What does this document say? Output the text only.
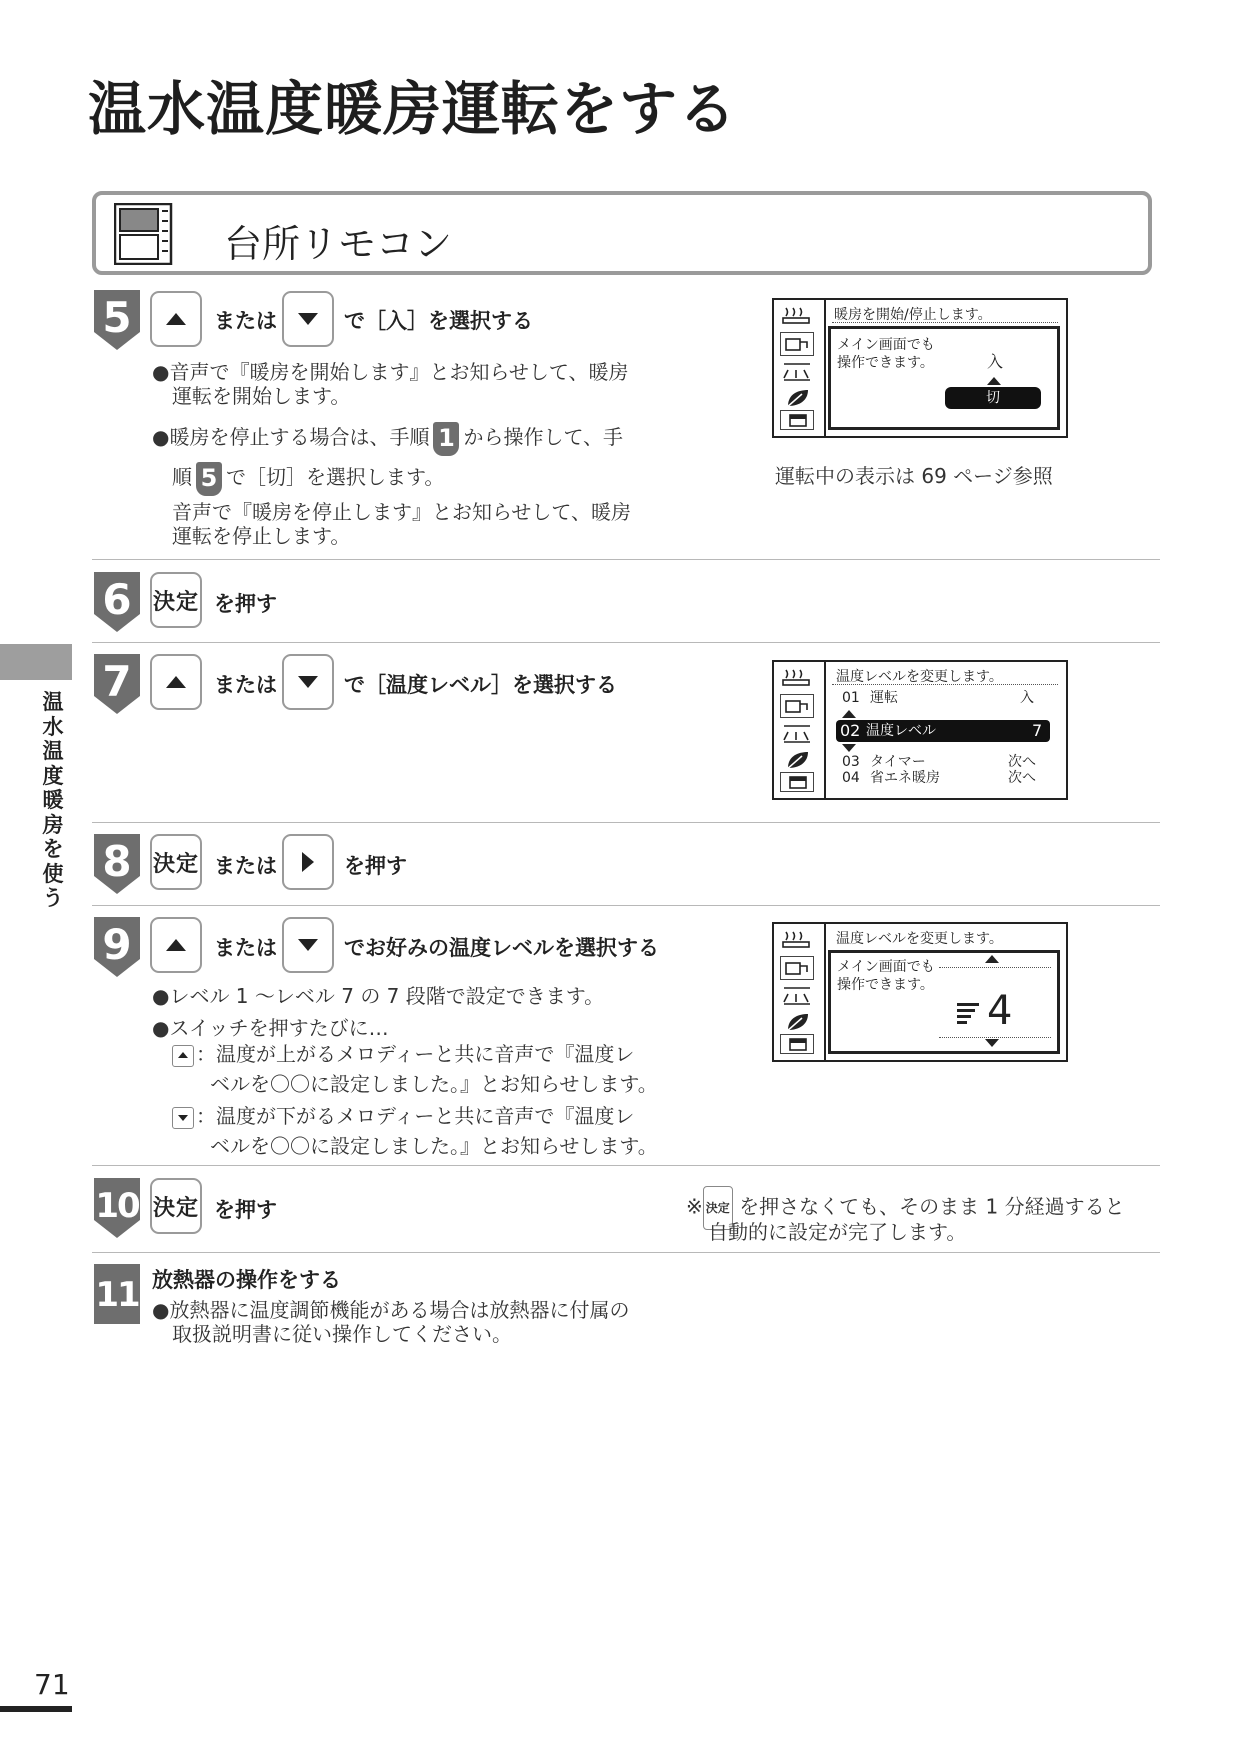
温水温度暖房運転をする
台所リモコン
温
水
温
度
暖
房
を
使
う
5	または	で［入］を選択する
●音声で『暖房を開始します』とお知らせして、暖房
運転を開始します。
●暖房を停止する場合は、手順 1 から操作して、手
順 5 で［切］を選択します。
音声で『暖房を停止します』とお知らせして、暖房
運転を停止します。
暖房を開始/停止します。
メイン画面でも
操作できます。	入
切
運転中の表示は 69 ページ参照
6 決定 を押す
7	または	で［温度レベル］を選択する	温度レベルを変更します。
01 運転	入
02 温度レベル	7
03 タイマー	次へ
04 省エネ暖房	次へ
8 決定 または	を押す
9	または	でお好みの温度レベルを選択する
●レベル 1 ～レベル 7 の 7 段階で設定できます。
●スイッチを押すたびに…
：温度が上がるメロディーと共に音声で『温度レ
ベルを〇〇に設定しました。』とお知らせします。
：温度が下がるメロディーと共に音声で『温度レ
ベルを〇〇に設定しました。』とお知らせします。
温度レベルを変更します。
メイン画面でも
操作できます。
4
10 決定 を押す	※ 決定 を押さなくても、そのまま 1 分経過すると
自動的に設定が完了します。
11 放熱器の操作をする
●放熱器に温度調節機能がある場合は放熱器に付属の
取扱説明書に従い操作してください。
71
